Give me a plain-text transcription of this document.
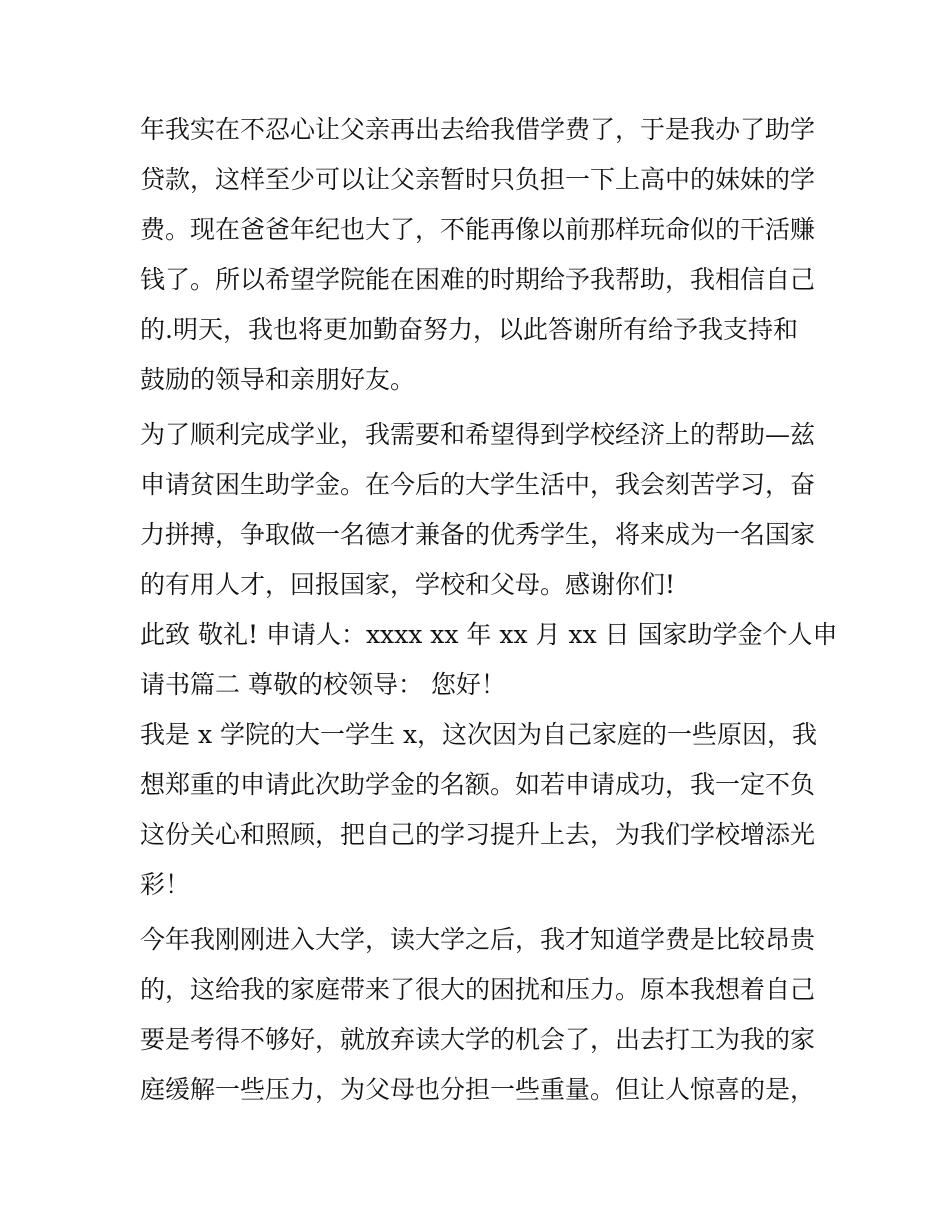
年我实在不忍心让父亲再出去给我借学费了，于是我办了助学
贷款，这样至少可以让父亲暂时只负担一下上高中的妹妹的学
费。现在爸爸年纪也大了，不能再像以前那样玩命似的干活赚
钱了。所以希望学院能在困难的时期给予我帮助，我相信自己
的.明天，我也将更加勤奋努力，以此答谢所有给予我支持和
鼓励的领导和亲朋好友。
为了顺利完成学业，我需要和希望得到学校经济上的帮助—兹
申请贫困生助学金。在今后的大学生活中，我会刻苦学习，奋
力拼搏，争取做一名德才兼备的优秀学生，将来成为一名国家
的有用人才，回报国家，学校和父母。感谢你们!
此致 敬礼! 申请人：xxxx xx 年 xx 月 xx 日 国家助学金个人申
请书篇二 尊敬的校领导： 您好！
我是 x 学院的大一学生 x，这次因为自己家庭的一些原因，我
想郑重的申请此次助学金的名额。如若申请成功，我一定不负
这份关心和照顾，把自己的学习提升上去，为我们学校增添光
彩！
今年我刚刚进入大学，读大学之后，我才知道学费是比较昂贵
的，这给我的家庭带来了很大的困扰和压力。原本我想着自己
要是考得不够好，就放弃读大学的机会了，出去打工为我的家
庭缓解一些压力，为父母也分担一些重量。但让人惊喜的是，
